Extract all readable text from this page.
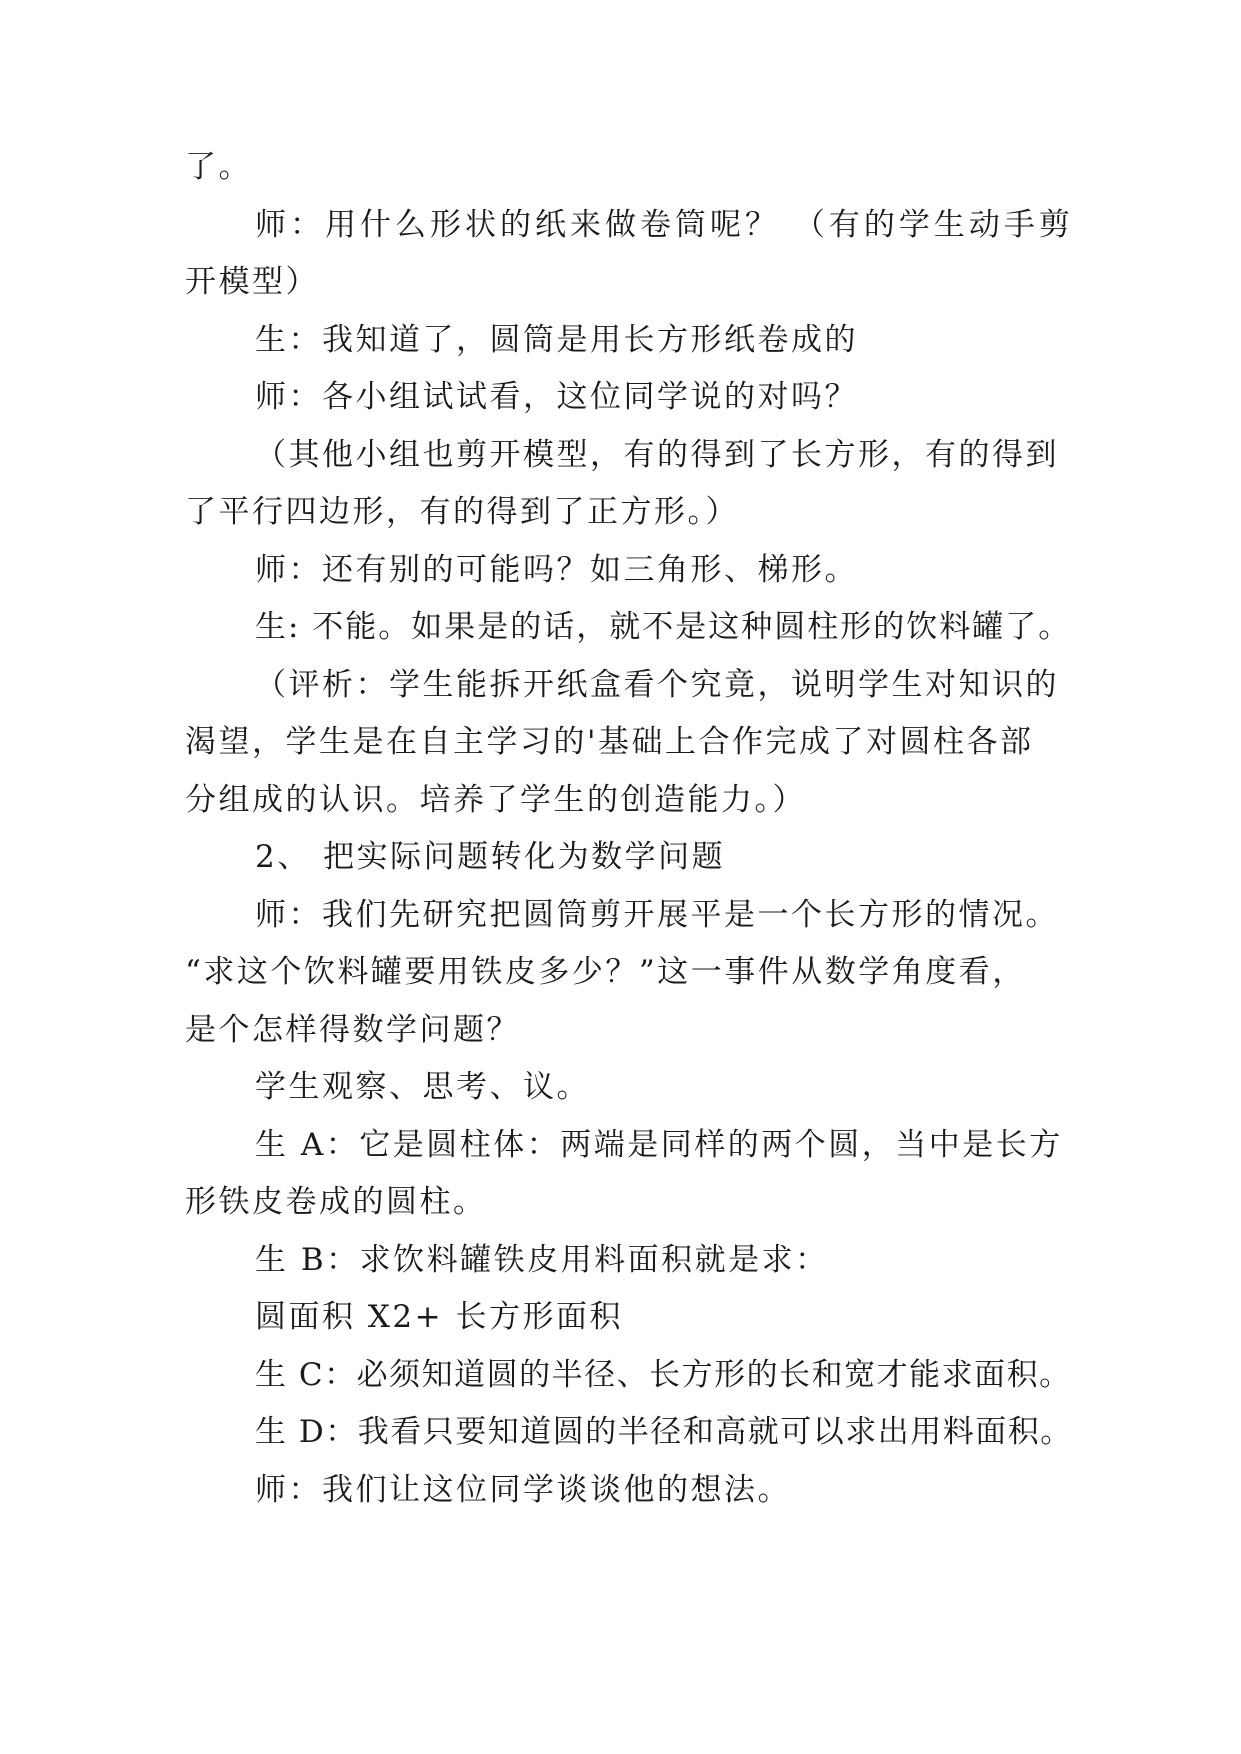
了。
师：用什么形状的纸来做卷筒呢？ （有的学生动手剪
开模型）
生：我知道了，圆筒是用长方形纸卷成的
师：各小组试试看，这位同学说的对吗？
（其他小组也剪开模型，有的得到了长方形，有的得到
了平行四边形，有的得到了正方形。）
师：还有别的可能吗？如三角形、梯形。
生: 不能。如果是的话，就不是这种圆柱形的饮料罐了。
（评析：学生能拆开纸盒看个究竟，说明学生对知识的
渴望，学生是在自主学习的'基础上合作完成了对圆柱各部
分组成的认识。培养了学生的创造能力。）
2、 把实际问题转化为数学问题
师：我们先研究把圆筒剪开展平是一个长方形的情况。
“求这个饮料罐要用铁皮多少？”这一事件从数学角度看，
是个怎样得数学问题？
学生观察、思考、议。
生 A：它是圆柱体：两端是同样的两个圆，当中是长方
形铁皮卷成的圆柱。
生 B：求饮料罐铁皮用料面积就是求：
圆面积 X2+ 长方形面积
生 C：必须知道圆的半径、长方形的长和宽才能求面积。
生 D：我看只要知道圆的半径和高就可以求出用料面积。
师：我们让这位同学谈谈他的想法。
